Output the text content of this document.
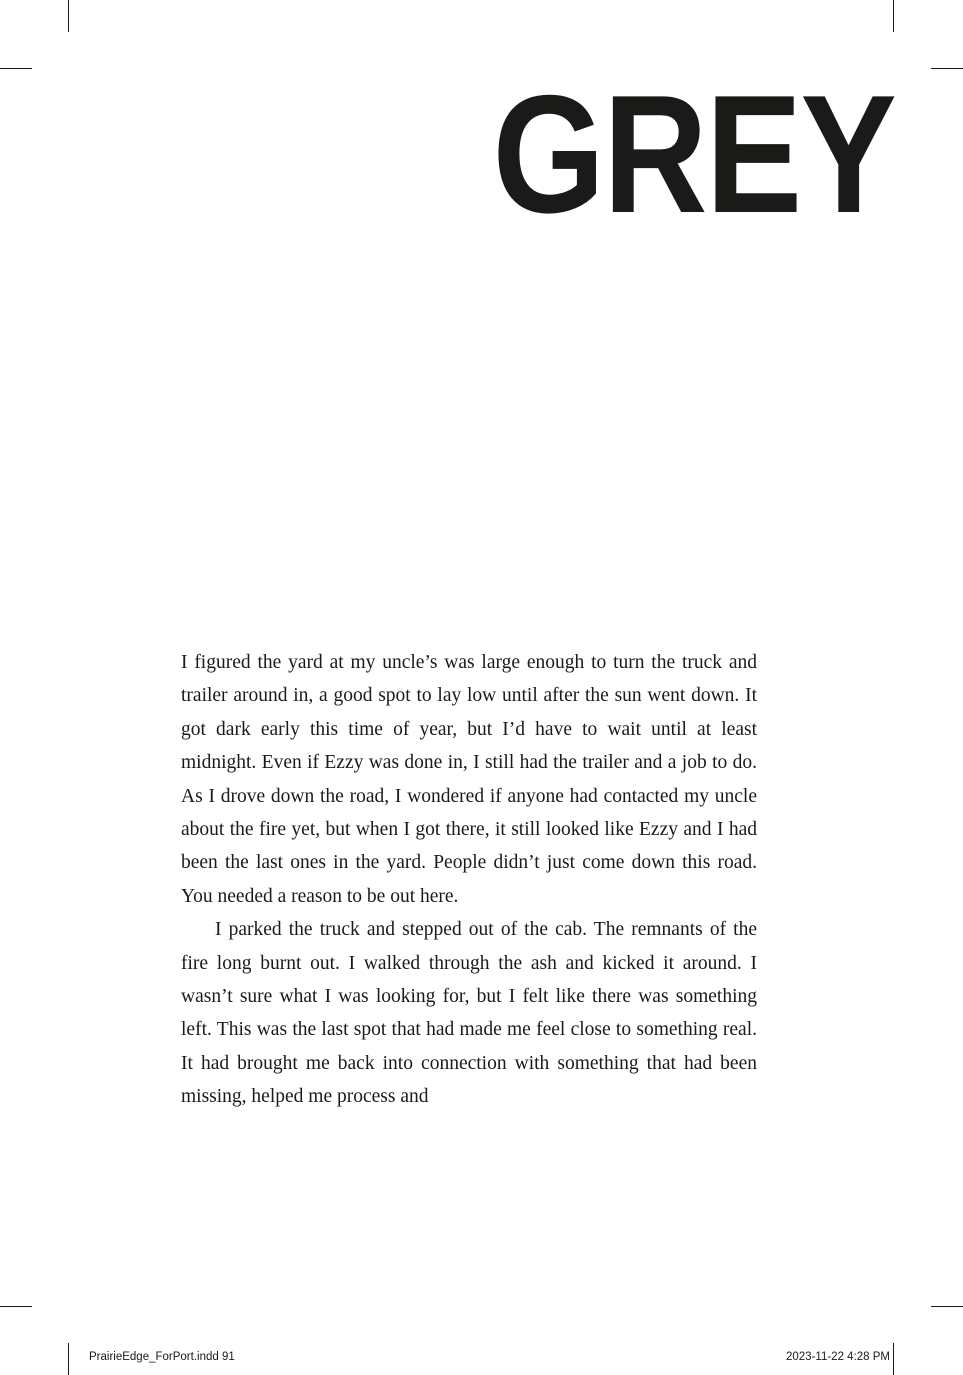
GREY

I figured the yard at my uncle’s was large enough to turn the truck and trailer around in, a good spot to lay low until after the sun went down. It got dark early this time of year, but I’d have to wait until at least midnight. Even if Ezzy was done in, I still had the trailer and a job to do. As I drove down the road, I wondered if anyone had contacted my uncle about the fire yet, but when I got there, it still looked like Ezzy and I had been the last ones in the yard. People didn’t just come down this road. You needed a reason to be out here.

I parked the truck and stepped out of the cab. The remnants of the fire long burnt out. I walked through the ash and kicked it around. I wasn’t sure what I was looking for, but I felt like there was something left. This was the last spot that had made me feel close to something real. It had brought me back into connection with something that had been missing, helped me process and

PrairieEdge_ForPort.indd 91	2023-11-22 4:28 PM
